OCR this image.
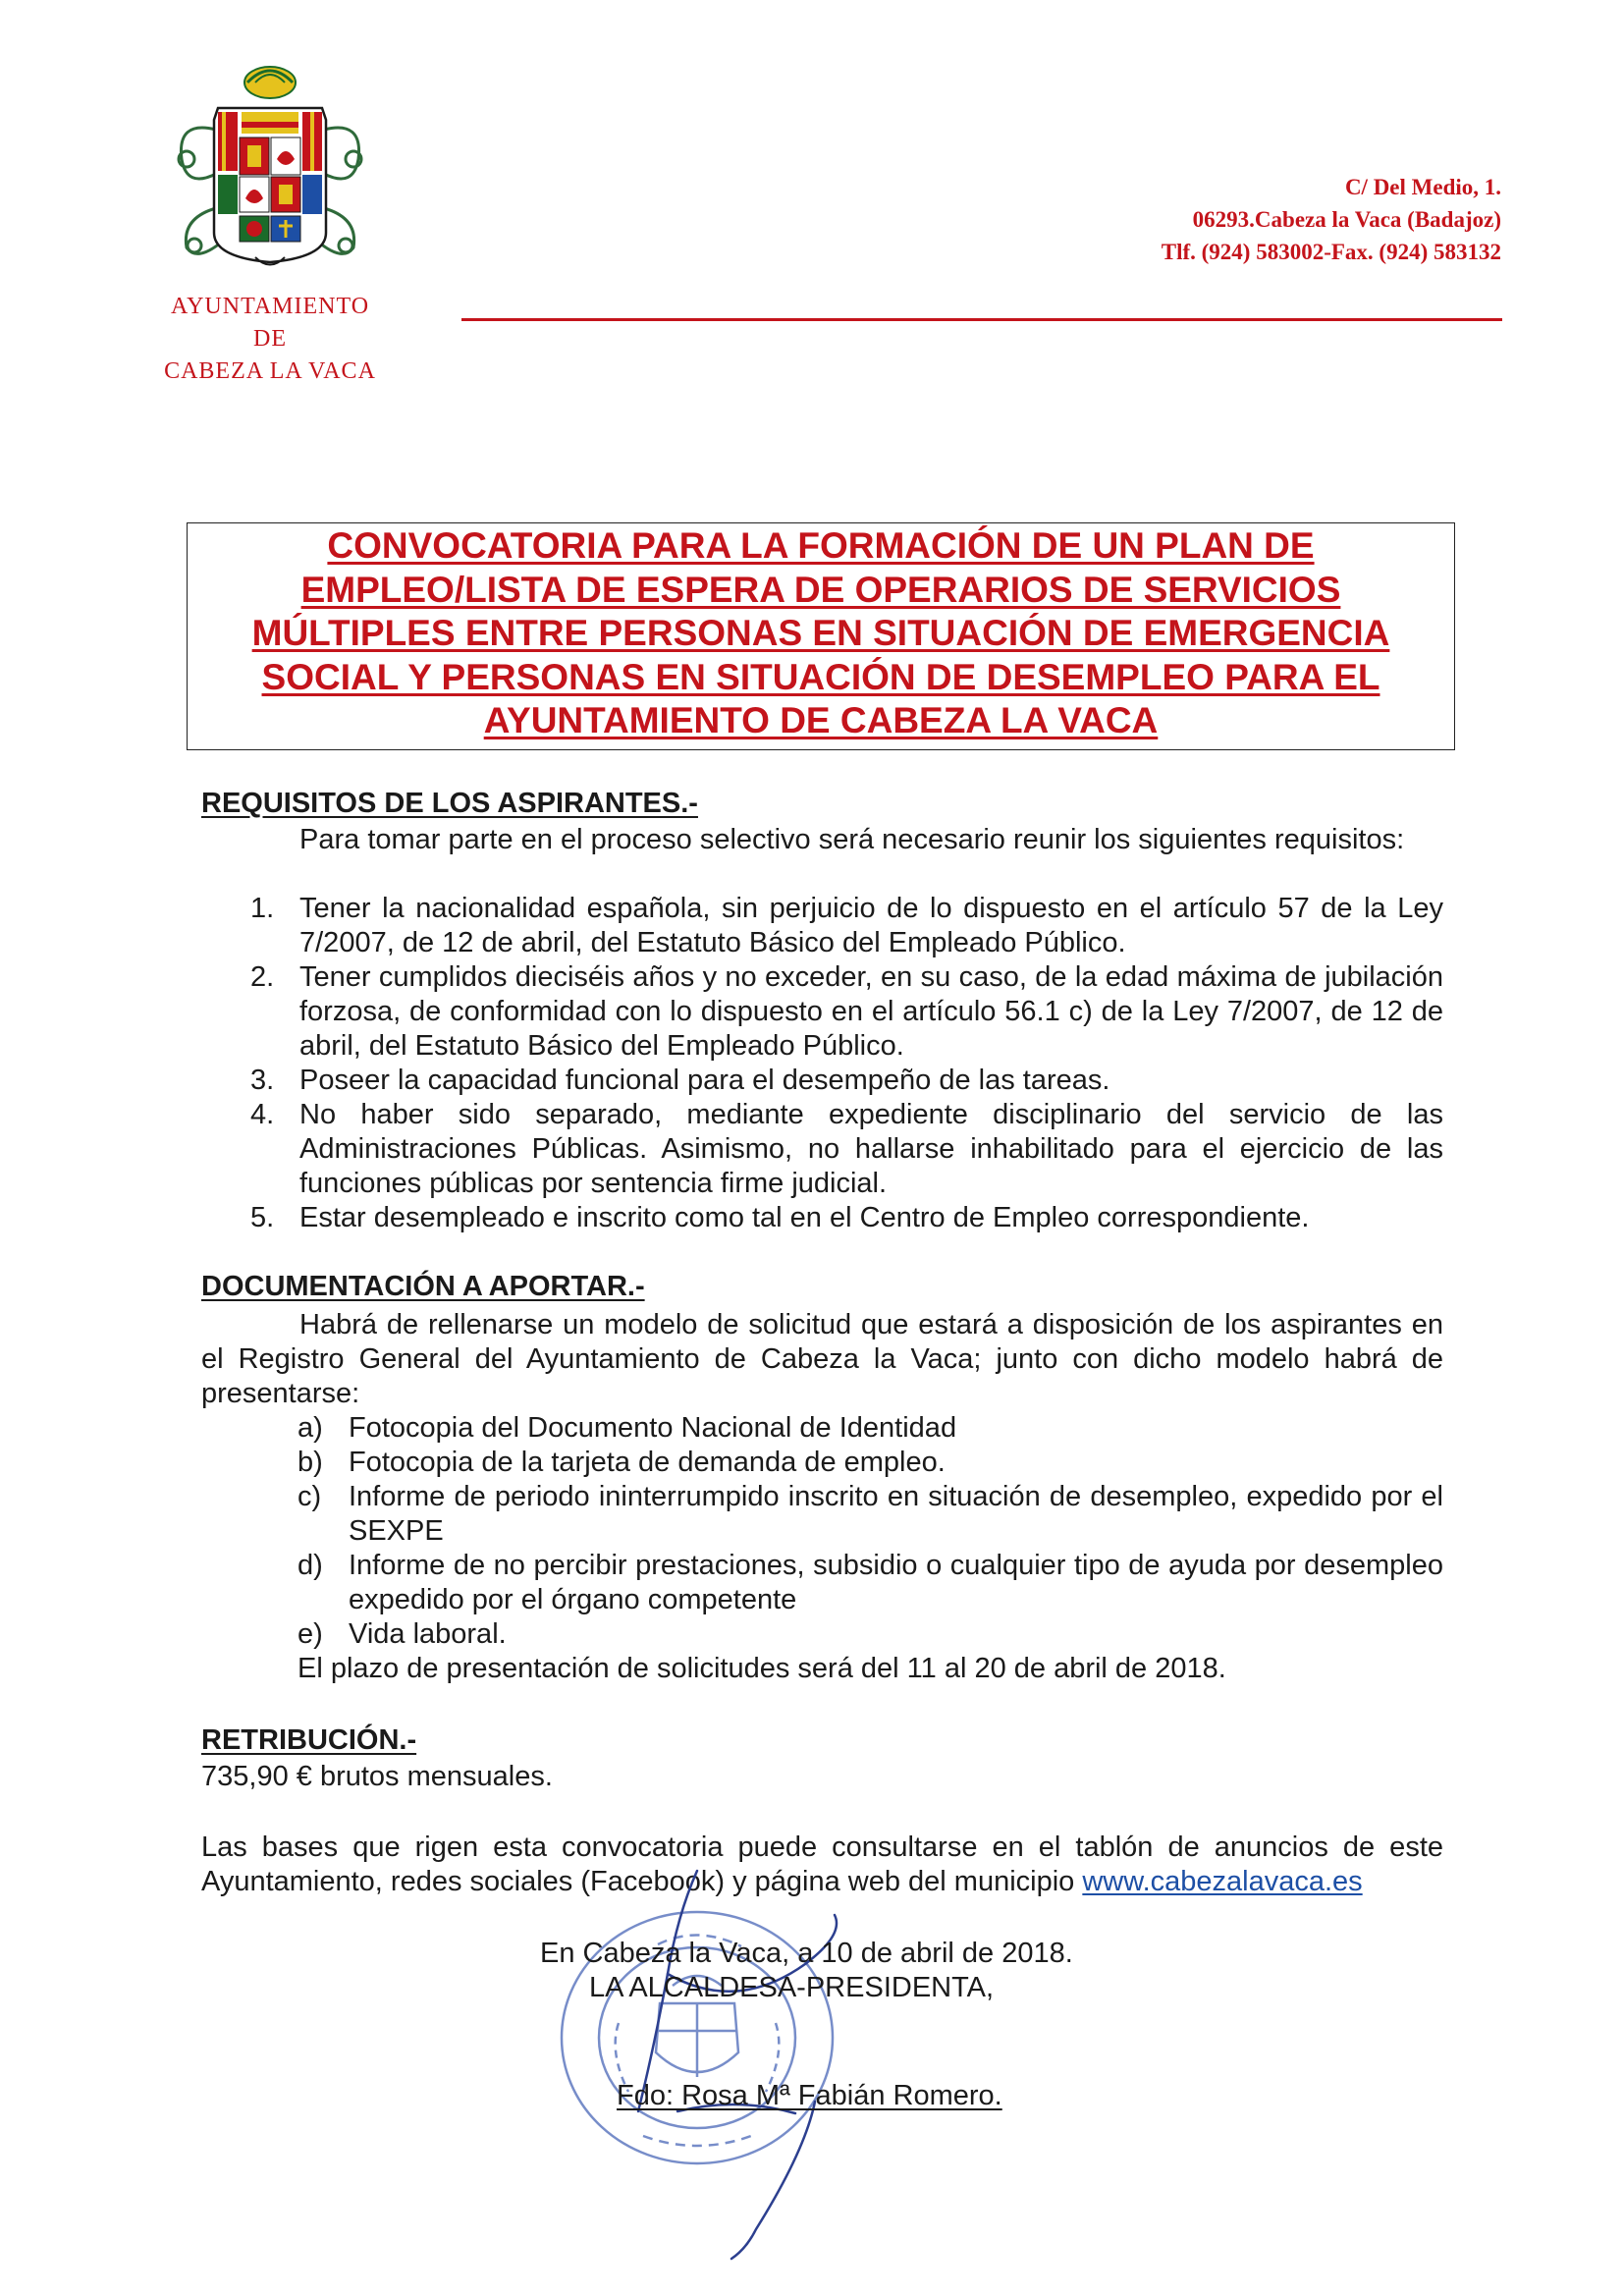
AYUNTAMIENTO
DE
CABEZA LA VACA
C/ Del Medio, 1.
06293.Cabeza la Vaca (Badajoz)
Tlf. (924) 583002-Fax. (924) 583132
CONVOCATORIA PARA LA FORMACIÓN DE UN PLAN DE
EMPLEO/LISTA DE ESPERA DE OPERARIOS DE SERVICIOS
MÚLTIPLES ENTRE PERSONAS EN SITUACIÓN DE EMERGENCIA
SOCIAL Y PERSONAS EN SITUACIÓN DE DESEMPLEO PARA EL
AYUNTAMIENTO DE CABEZA LA VACA
REQUISITOS DE LOS ASPIRANTES.-
Para tomar parte en el proceso selectivo será necesario reunir los siguientes requisitos:
1. Tener la nacionalidad española, sin perjuicio de lo dispuesto en el artículo 57 de la Ley 7/2007, de 12 de abril, del Estatuto Básico del Empleado Público.
2. Tener cumplidos dieciséis años y no exceder, en su caso, de la edad máxima de jubilación forzosa, de conformidad con lo dispuesto en el artículo 56.1 c) de la Ley 7/2007, de 12 de abril, del Estatuto Básico del Empleado Público.
3. Poseer la capacidad funcional para el desempeño de las tareas.
4. No haber sido separado, mediante expediente disciplinario del servicio de las Administraciones Públicas. Asimismo, no hallarse inhabilitado para el ejercicio de las funciones públicas por sentencia firme judicial.
5. Estar desempleado e inscrito como tal en el Centro de Empleo correspondiente.
DOCUMENTACIÓN A APORTAR.-
Habrá de rellenarse un modelo de solicitud que estará a disposición de los aspirantes en el Registro General del Ayuntamiento de Cabeza la Vaca; junto con dicho modelo habrá de presentarse:
a) Fotocopia del Documento Nacional de Identidad
b) Fotocopia de la tarjeta de demanda de empleo.
c) Informe de periodo ininterrumpido inscrito en situación de desempleo, expedido por el SEXPE
d) Informe de no percibir prestaciones, subsidio o cualquier tipo de ayuda por desempleo expedido por el órgano competente
e) Vida laboral.
El plazo de presentación de solicitudes será del 11 al 20 de abril de 2018.
RETRIBUCIÓN.-
735,90 € brutos mensuales.
Las bases que rigen esta convocatoria puede consultarse en el tablón de anuncios de este Ayuntamiento, redes sociales (Facebook) y página web del municipio www.cabezalavaca.es
En Cabeza la Vaca, a 10 de abril de 2018.
LA ALCALDESA-PRESIDENTA,
Fdo: Rosa Mª Fabián Romero.
